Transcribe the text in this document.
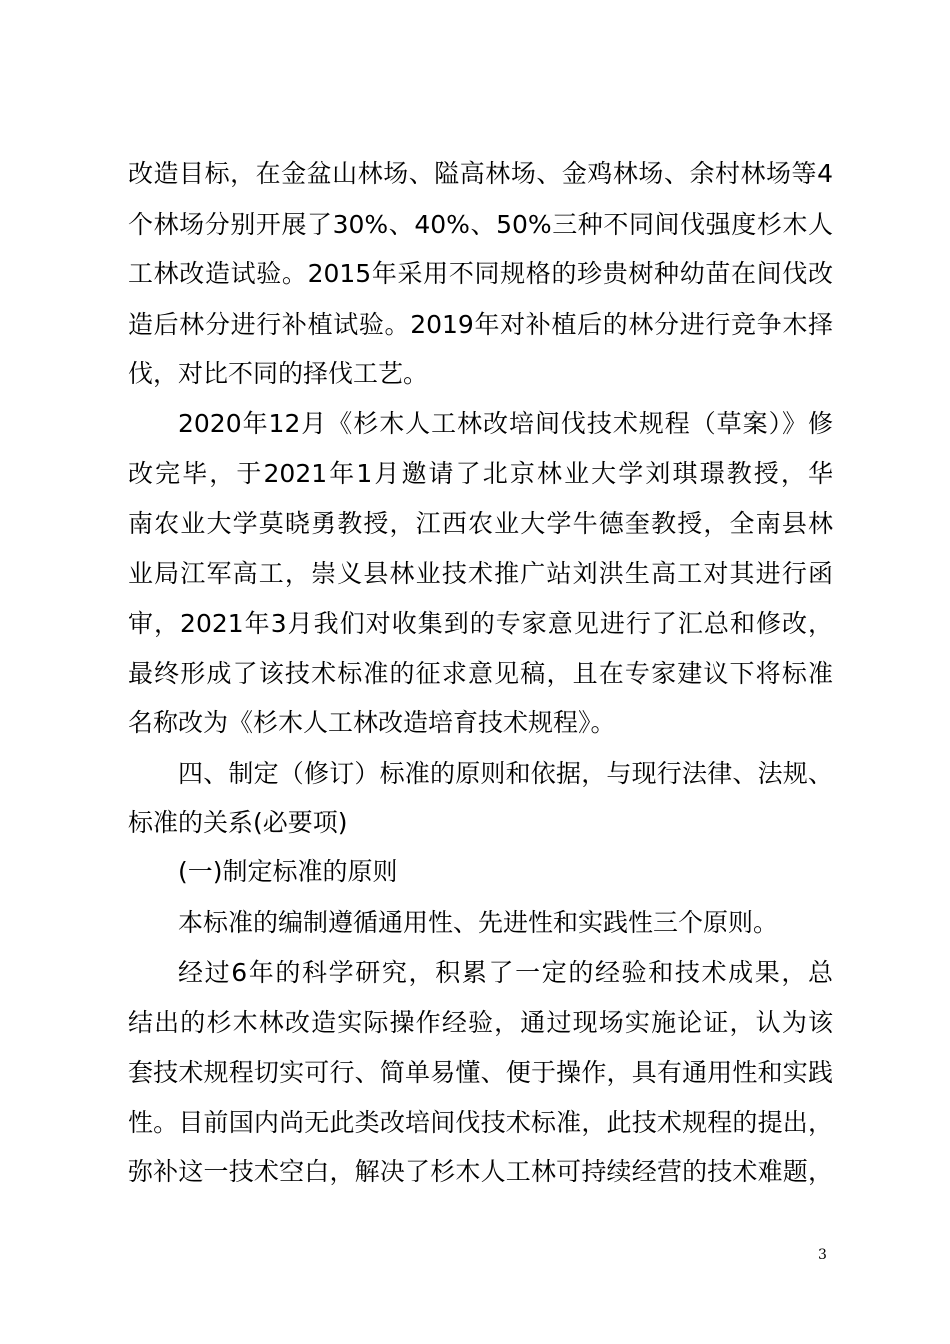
改造目标，在金盆山林场、隘高林场、金鸡林场、余村林场等4
个林场分别开展了30%、40%、50%三种不同间伐强度杉木人
工林改造试验。2015年采用不同规格的珍贵树种幼苗在间伐改
造后林分进行补植试验。2019年对补植后的林分进行竞争木择
伐，对比不同的择伐工艺。
2020年12月《杉木人工林改培间伐技术规程（草案）》修
改完毕，于2021年1月邀请了北京林业大学刘琪璟教授，华
南农业大学莫晓勇教授，江西农业大学牛德奎教授，全南县林
业局江军高工，崇义县林业技术推广站刘洪生高工对其进行函
审，2021年3月我们对收集到的专家意见进行了汇总和修改，
最终形成了该技术标准的征求意见稿，且在专家建议下将标准
名称改为《杉木人工林改造培育技术规程》。
四、制定（修订）标准的原则和依据，与现行法律、法规、
标准的关系(必要项)
(一)制定标准的原则
本标准的编制遵循通用性、先进性和实践性三个原则。
经过6年的科学研究，积累了一定的经验和技术成果，总
结出的杉木林改造实际操作经验，通过现场实施论证，认为该
套技术规程切实可行、简单易懂、便于操作，具有通用性和实践
性。目前国内尚无此类改培间伐技术标准，此技术规程的提出，
弥补这一技术空白，解决了杉木人工林可持续经营的技术难题，
3
